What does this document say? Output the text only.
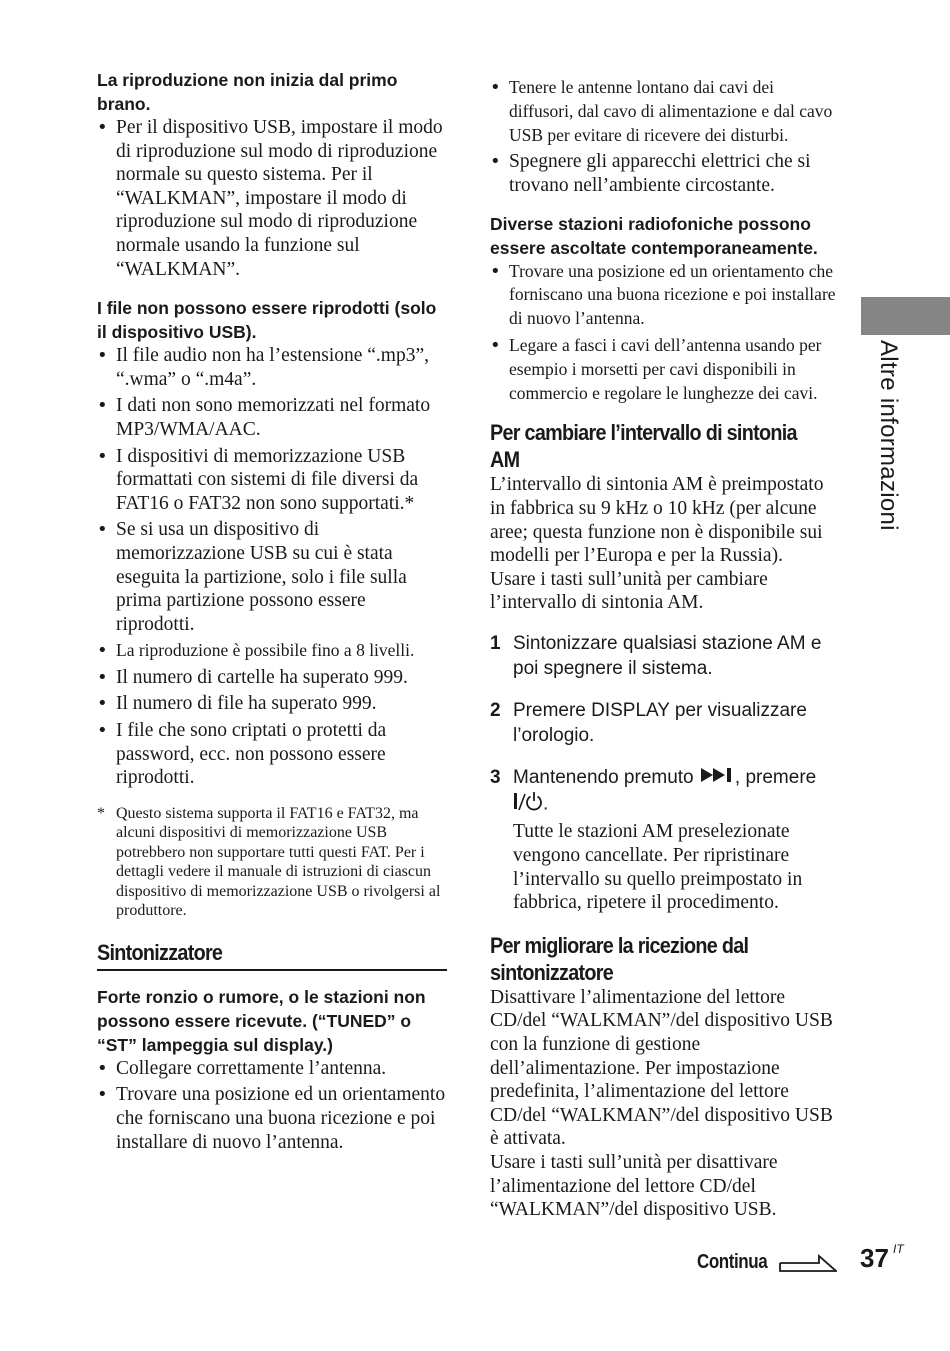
La riproduzione non inizia dal primo brano.

• Per il dispositivo USB, impostare il modo di riproduzione sul modo di riproduzione normale su questo sistema. Per il “WALKMAN”, impostare il modo di riproduzione sul modo di riproduzione normale usando la funzione sul “WALKMAN”.

I file non possono essere riprodotti (solo il dispositivo USB).

• Il file audio non ha l’estensione “.mp3”, “.wma” o “.m4a”.
• I dati non sono memorizzati nel formato MP3/WMA/AAC.
• I dispositivi di memorizzazione USB formattati con sistemi di file diversi da FAT16 o FAT32 non sono supportati.*
• Se si usa un dispositivo di memorizzazione USB su cui è stata eseguita la partizione, solo i file sulla prima partizione possono essere riprodotti.
• La riproduzione è possibile fino a 8 livelli.
• Il numero di cartelle ha superato 999.
• Il numero di file ha superato 999.
• I file che sono criptati o protetti da password, ecc. non possono essere riprodotti.
* Questo sistema supporta il FAT16 e FAT32, ma alcuni dispositivi di memorizzazione USB potrebbero non supportare tutti questi FAT. Per i dettagli vedere il manuale di istruzioni di ciascun dispositivo di memorizzazione USB o rivolgersi al produttore.

Sintonizzatore

Forte ronzio o rumore, o le stazioni non possono essere ricevute. (“TUNED” o “ST” lampeggia sul display.)

• Collegare correttamente l’antenna.
• Trovare una posizione ed un orientamento che forniscano una buona ricezione e poi installare di nuovo l’antenna.
• Tenere le antenne lontano dai cavi dei diffusori, dal cavo di alimentazione e dal cavo USB per evitare di ricevere dei disturbi.
• Spegnere gli apparecchi elettrici che si trovano nell’ambiente circostante.

Diverse stazioni radiofoniche possono essere ascoltate contemporaneamente.

• Trovare una posizione ed un orientamento che forniscano una buona ricezione e poi installare di nuovo l’antenna.
• Legare a fasci i cavi dell’antenna usando per esempio i morsetti per cavi disponibili in commercio e regolare le lunghezze dei cavi.

Per cambiare l’intervallo di sintonia AM

L’intervallo di sintonia AM è preimpostato in fabbrica su 9 kHz o 10 kHz (per alcune aree; questa funzione non è disponibile sui modelli per l’Europa e per la Russia).

Usare i tasti sull’unità per cambiare l’intervallo di sintonia AM.

1 Sintonizzare qualsiasi stazione AM e poi spegnere il sistema.
2 Premere DISPLAY per visualizzare l’orologio.
3 Mantenendo premuto , premere
.
Tutte le stazioni AM preselezionate vengono cancellate. Per ripristinare l’intervallo su quello preimpostato in fabbrica, ripetere il procedimento.

Per migliorare la ricezione dal sintonizzatore

Disattivare l’alimentazione del lettore CD/del “WALKMAN”/del dispositivo USB con la funzione di gestione dell’alimentazione. Per impostazione predefinita, l’alimentazione del lettore CD/del “WALKMAN”/del dispositivo USB è attivata.

Usare i tasti sull’unità per disattivare l’alimentazione del lettore CD/del “WALKMAN”/del dispositivo USB.

Altre informazioni
Continua	37 IT
